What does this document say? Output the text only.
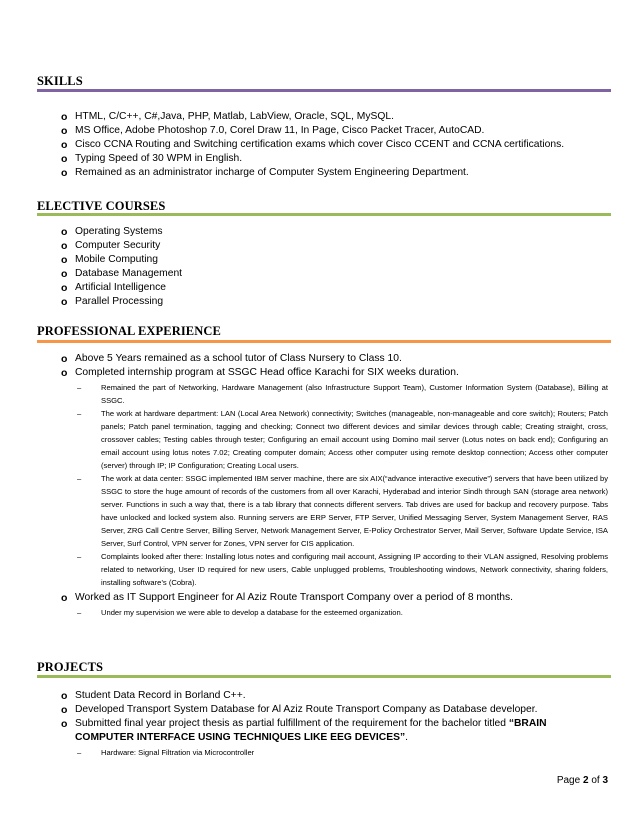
SKILLS
o HTML, C/C++, C#,Java, PHP, Matlab, LabView, Oracle, SQL, MySQL.
o MS Office, Adobe Photoshop 7.0, Corel Draw 11, In Page, Cisco Packet Tracer, AutoCAD.
o Cisco CCNA Routing and Switching certification exams which cover Cisco CCENT and CCNA certifications.
o Typing Speed of 30 WPM in English.
o Remained as an administrator incharge of Computer System Engineering Department.
ELECTIVE COURSES
o Operating Systems
o Computer Security
o Mobile Computing
o Database Management
o Artificial Intelligence
o Parallel Processing
PROFESSIONAL EXPERIENCE
o Above 5 Years remained as a school tutor of Class Nursery to Class 10.
o Completed internship program at SSGC Head office Karachi for SIX weeks duration.
–	Remained the part of Networking, Hardware Management (also Infrastructure Support Team), Customer Information System (Database), Billing at SSGC.
–	The work at hardware department: LAN (Local Area Network) connectivity; Switches (manageable, non-manageable and core switch); Routers; Patch panels; Patch panel termination, tagging and checking; Connect two different devices and similar devices through cable; Creating straight, cross, crossover cables; Testing cables through tester; Configuring an email account using Domino mail server (Lotus notes on back end); Configuring an email account using lotus notes 7.02; Creating computer domain; Access other computer using remote desktop connection; Access other computer (server) through IP; IP Configuration; Creating Local users.
–	The work at data center: SSGC implemented IBM server machine, there are six AIX(“advance interactive executive”) servers that have been utilized by SSGC to store the huge amount of records of the customers from all over Karachi, Hyderabad and interior Sindh through SAN (storage area network) server. Functions in such a way that, there is a tab library that connects different servers. Tab drives are used for backup and recovery purpose. Tabs have unlocked and locked system also. Running servers are ERP Server, FTP Server, Unified Messaging Server, System Management Server, RAS Server, ZRG Call Centre Server, Billing Server, Network Management Server, E-Policy Orchestrator Server, Mail Server, Software Update Service, ISA Server, Surf Control, VPN server for Zones, VPN server for CIS application.
–	Complaints looked after there: Installing lotus notes and configuring mail account, Assigning IP according to their VLAN assigned, Resolving problems related to networking, User ID required for new users, Cable unplugged problems, Troubleshooting windows, Network connectivity, sharing folders, installing software’s (Cobra).
o Worked as IT Support Engineer for Al Aziz Route Transport Company over a period of 8 months.
–	Under my supervision we were able to develop a database for the esteemed organization.
PROJECTS
o Student Data Record in Borland C++.
o Developed Transport System Database for Al Aziz Route Transport Company as Database developer.
o Submitted final year project thesis as partial fulfillment of the requirement for the bachelor titled “BRAIN COMPUTER INTERFACE USING TECHNIQUES LIKE EEG DEVICES”.
–	Hardware: Signal Filtration via Microcontroller
Page 2 of 3
